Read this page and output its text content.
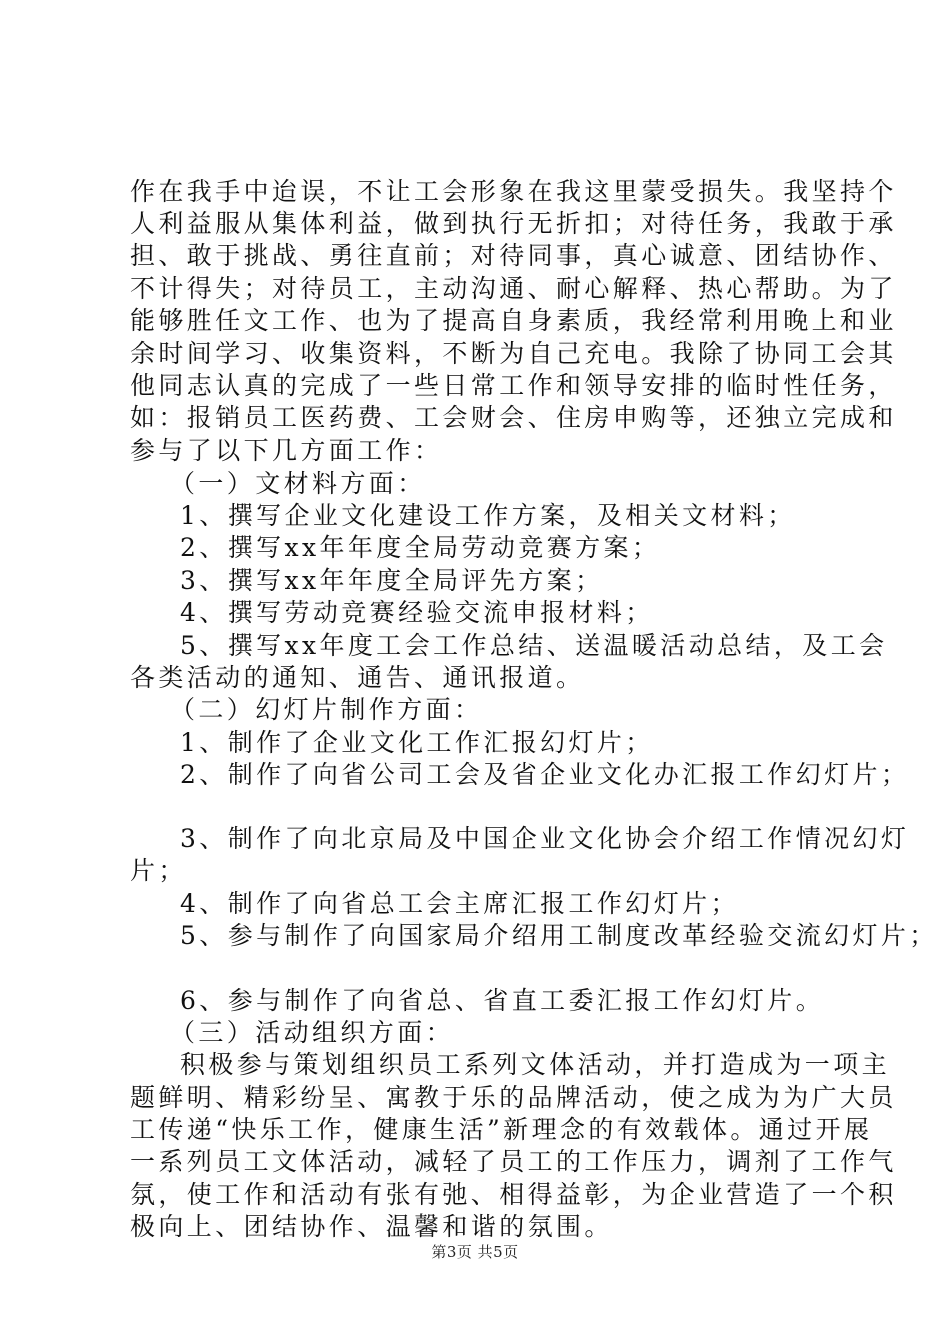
作在我手中迨误，不让工会形象在我这里蒙受损失。我坚持个
人利益服从集体利益，做到执行无折扣；对待任务，我敢于承
担、敢于挑战、勇往直前；对待同事，真心诚意、团结协作、
不计得失；对待员工，主动沟通、耐心解释、热心帮助。为了
能够胜任文工作、也为了提高自身素质，我经常利用晚上和业
余时间学习、收集资料，不断为自己充电。我除了协同工会其
他同志认真的完成了一些日常工作和领导安排的临时性任务，
如：报销员工医药费、工会财会、住房申购等，还独立完成和
参与了以下几方面工作：
（一）文材料方面：
1、撰写企业文化建设工作方案，及相关文材料；
2、撰写xx年年度全局劳动竞赛方案；
3、撰写xx年年度全局评先方案；
4、撰写劳动竞赛经验交流申报材料；
5、撰写xx年度工会工作总结、送温暖活动总结，及工会
各类活动的通知、通告、通讯报道。
（二）幻灯片制作方面：
1、制作了企业文化工作汇报幻灯片；
2、制作了向省公司工会及省企业文化办汇报工作幻灯片；
3、制作了向北京局及中国企业文化协会介绍工作情况幻灯
片；
4、制作了向省总工会主席汇报工作幻灯片；
5、参与制作了向国家局介绍用工制度改革经验交流幻灯片；
6、参与制作了向省总、省直工委汇报工作幻灯片。
（三）活动组织方面：
积极参与策划组织员工系列文体活动，并打造成为一项主
题鲜明、精彩纷呈、寓教于乐的品牌活动，使之成为为广大员
工传递“快乐工作，健康生活”新理念的有效载体。通过开展
一系列员工文体活动，减轻了员工的工作压力，调剂了工作气
氛，使工作和活动有张有弛、相得益彰，为企业营造了一个积
极向上、团结协作、温馨和谐的氛围。
第3页 共5页
